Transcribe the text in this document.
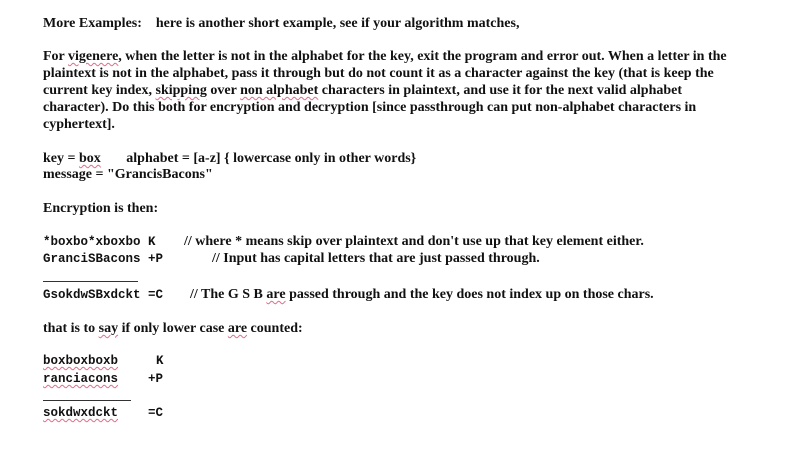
More Examples: here is another short example, see if your algorithm matches,

For vigenere, when the letter is not in the alphabet for the key, exit the program and error out. When a letter in the plaintext is not in the alphabet, pass it through but do not count it as a character against the key (that is keep the current key index, skipping over non alphabet characters in plaintext, and use it for the next valid alphabet character). Do this both for encryption and decryption [since passthrough can put non-alphabet characters in cyphertext].

key = box alphabet = [a-z] { lowercase only in other words}

message = "GrancisBacons"

Encryption is then:

*boxbo*xboxbo K // where * means skip over plaintext and don't use up that key element either.
GranciSBacons +P	// Input has capital letters that are just passed through.
GsokdwSBxdckt =C // The G S B are passed through and the key does not index up on those chars.

that is to say if only lower case are counted:

boxboxboxb	K
ranciacons +P
sokdwxdckt =C
